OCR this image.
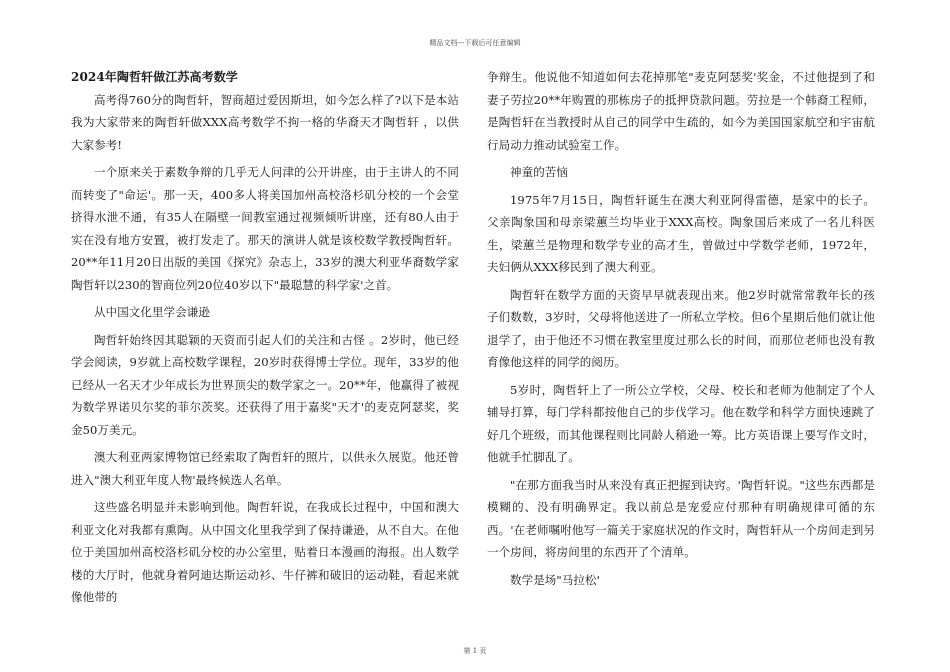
精品文档---下载后可任意编辑
2024年陶哲轩做江苏高考数学

高考得760分的陶哲轩，智商超过爱因斯坦，如今怎么样了?以下是本站我为大家带来的陶哲轩做XXX高考数学不拘一格的华裔天才陶哲轩 ，以供大家参考!

一个原来关于素数争辩的几乎无人问津的公开讲座，由于主讲人的不同而转变了"命运'。那一天，400多人将美国加州高校洛杉矶分校的一个会堂挤得水泄不通，有35人在隔壁一间教室通过视频倾听讲座，还有80人由于实在没有地方安置，被打发走了。那天的演讲人就是该校数学教授陶哲轩。20**年11月20日出版的美国《探究》杂志上，33岁的澳大利亚华裔数学家陶哲轩以230的智商位列20位40岁以下"最聪慧的科学家'之首。

从中国文化里学会谦逊

陶哲轩始终因其聪颖的天资而引起人们的关注和古怪 。2岁时，他已经学会阅读，9岁就上高校数学课程，20岁时获得博士学位。现年，33岁的他已经从一名天才少年成长为世界顶尖的数学家之一。20**年，他赢得了被视为数学界诺贝尔奖的菲尔茨奖。还获得了用于嘉奖"天才'的麦克阿瑟奖，奖金50万美元。

澳大利亚两家博物馆已经索取了陶哲轩的照片，以供永久展览。他还曾进入"澳大利亚年度人物'最终候选人名单。

这些盛名明显并未影响到他。陶哲轩说，在我成长过程中，中国和澳大利亚文化对我都有熏陶。从中国文化里我学到了保持谦逊，从不自大。在他位于美国加州高校洛杉矶分校的办公室里，贴着日本漫画的海报。出人数学楼的大厅时，他就身着阿迪达斯运动衫、牛仔裤和破旧的运动鞋，看起来就像他带的

争辩生。他说他不知道如何去花掉那笔"麦克阿瑟奖'奖金，不过他提到了和妻子劳拉20**年购置的那栋房子的抵押贷款问题。劳拉是一个韩裔工程师，是陶哲轩在当教授时从自己的同学中生疏的，如今为美国国家航空和宇宙航行局动力推动试验室工作。

神童的苦恼

1975年7月15日，陶哲轩诞生在澳大利亚阿得雷德，是家中的长子。父亲陶象国和母亲梁蕙兰均毕业于XXX高校。陶象国后来成了一名儿科医生，梁蕙兰是物理和数学专业的高才生，曾做过中学数学老师，1972年，夫妇俩从XXX移民到了澳大利亚。

陶哲轩在数学方面的天资早早就表现出来。他2岁时就常常教年长的孩子们数数，3岁时，父母将他送进了一所私立学校。但6个星期后他们就让他退学了，由于他还不习惯在教室里度过那么长的时间，而那位老师也没有教育像他这样的同学的阅历。

5岁时，陶哲轩上了一所公立学校，父母、校长和老师为他制定了个人辅导打算，每门学科都按他自己的步伐学习。他在数学和科学方面快速跳了好几个班级，而其他课程则比同龄人稍逊一筹。比方英语课上要写作文时，他就手忙脚乱了。

"在那方面我当时从来没有真正把握到诀窍。'陶哲轩说。"这些东西都是模糊的、没有明确界定。我以前总是宠爱应付那种有明确规律可循的东西。'在老师嘱咐他写一篇关于家庭状况的作文时，陶哲轩从一个房间走到另一个房间，将房间里的东西开了个清单。

数学是场"马拉松'

第 1 页
